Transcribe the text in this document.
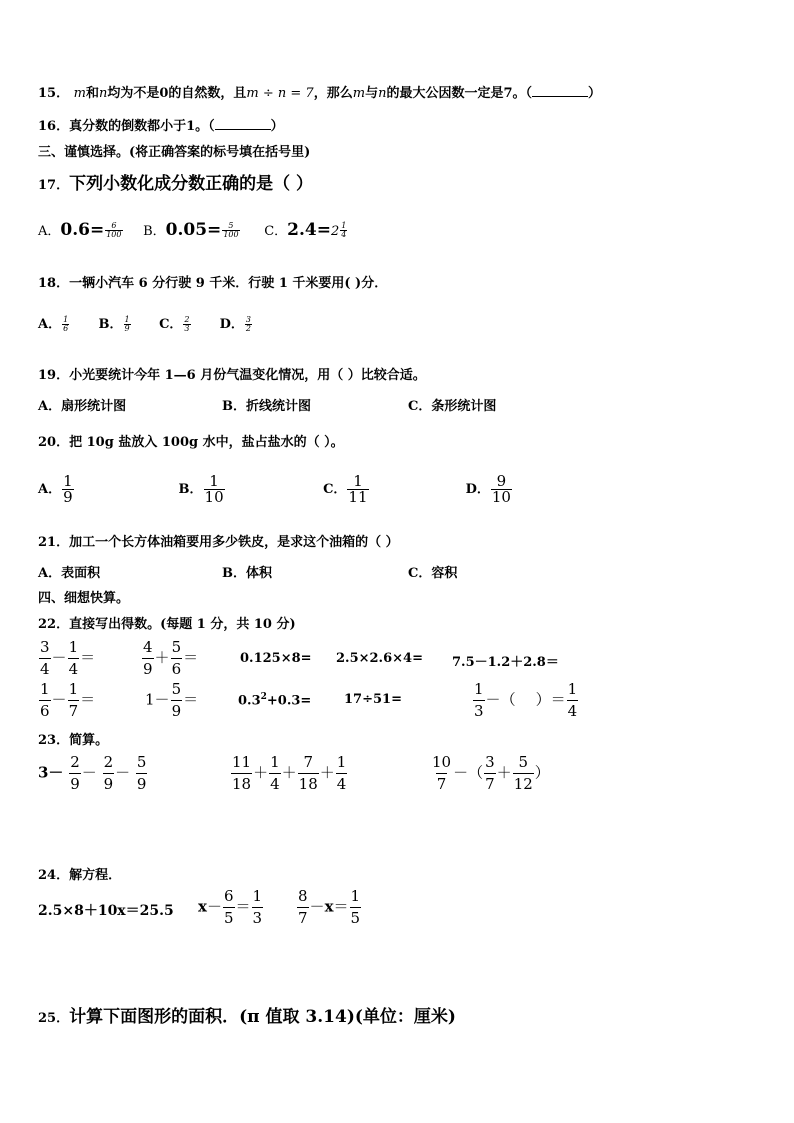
15． m和n均为不是0的自然数，且m ÷ n = 7，那么m与n的最大公因数一定是7。（	）
16．真分数的倒数都小于1。（	）
三、谨慎选择。(将正确答案的标号填在括号里)
17．下列小数化成分数正确的是（ ）
A．$0.6= \frac{6}{100}$ B．$0.05= \frac{5}{100}$ C．$2.4=2 \frac{1}{4}$
18．一辆小汽车 6 分行驶 9 千米．行驶 1 千米要用( )分．
A． $\frac{1}{6}$ B． $\frac{1}{9}$ C． $\frac{2}{3}$ D． $\frac{3}{2}$
19．小光要统计今年 1—6 月份气温变化情况，用（ ）比较合适。
A．扇形统计图	B．折线统计图	C．条形统计图
20．把 10g 盐放入 100g 水中，盐占盐水的（ ）。
A． $\frac{1}{9}$	B． $\frac{1}{10}$	C． $\frac{1}{11}$	D． $\frac{9}{10}$
21．加工一个长方体油箱要用多少铁皮，是求这个油箱的（ ）
A．表面积	B．体积	C．容积
四、细想快算。
22．直接写出得数。(每题 1 分，共 10 分)
$\frac{3}{4} - \frac{1}{4}$ ＝	$\frac{4}{9} + \frac{5}{6}$ ＝	0.125×8= 2.5×2.6×4= 7.5－1.2＋2.8＝
$\frac{1}{6} - \frac{1}{7}$ ＝	$1- \frac{5}{9}$ ＝	$0.3^2+0.3=$	17÷51=	$\frac{1}{3}$ －（ ）＝ $\frac{1}{4}$
23．简算。
$3- \frac{2}{9} - \frac{2}{9} - \frac{5}{9}$	$\frac{11}{18} + \frac{1}{4} + \frac{7}{18} + \frac{1}{4}$	$\frac{10}{7}$ －（ $\frac{3}{7} + \frac{5}{12}$ ）
24．解方程．
2.5×8＋10x＝25.5 $x- \frac{6}{5} = \frac{1}{3} \frac{8}{7} -x= \frac{1}{5}$
25．计算下面图形的面积．(π 值取 3.14)(单位：厘米)
